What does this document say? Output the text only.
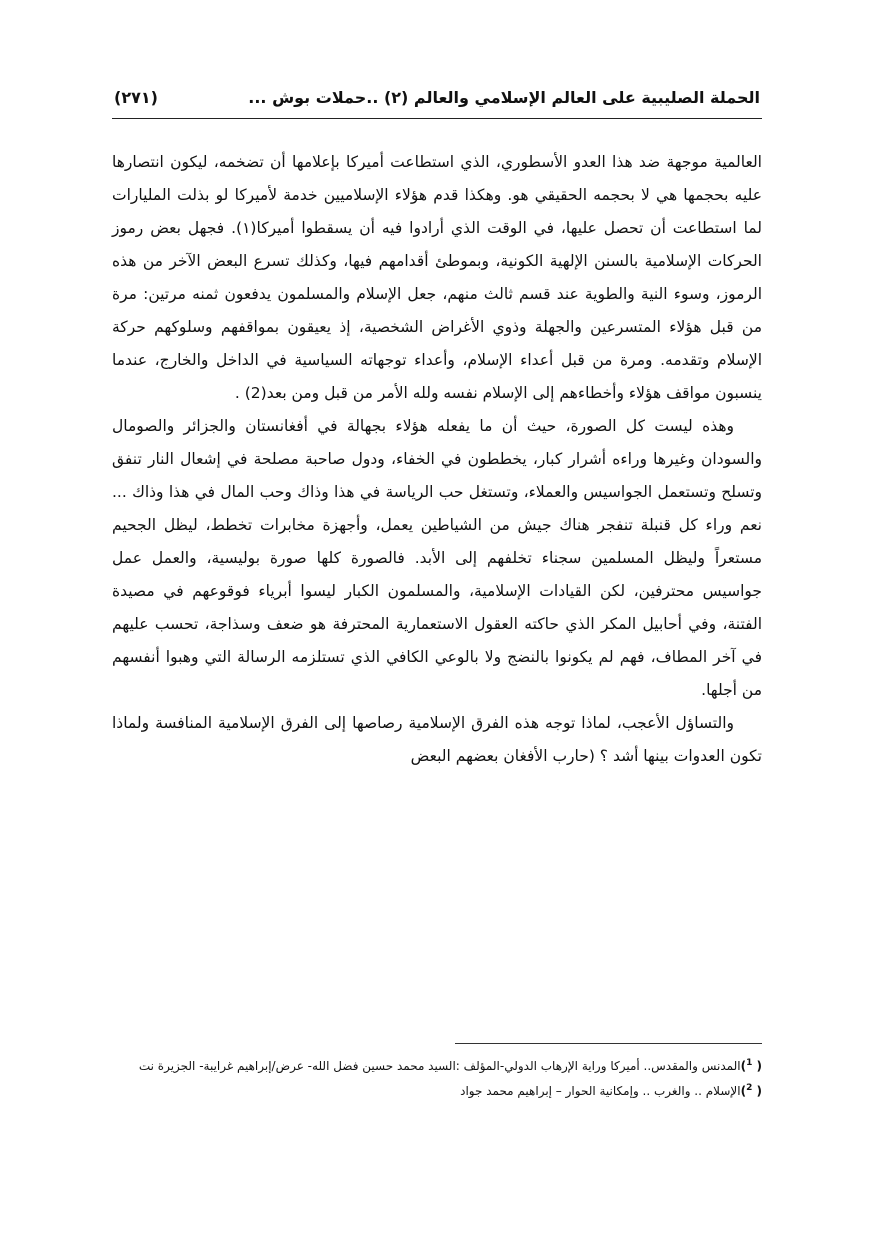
الحملة الصليبية على العالم الإسلامي والعالم (٢) ..حملات بوش ...
(٢٧١)

العالمية موجهة ضد هذا العدو الأسطوري، الذي استطاعت أميركا بإعلامها أن تضخمه، ليكون انتصارها عليه بحجمها هي لا بحجمه الحقيقي هو. وهكذا قدم هؤلاء الإسلاميين خدمة لأميركا لو بذلت المليارات لما استطاعت أن تحصل عليها، في الوقت الذي أرادوا فيه أن يسقطوا أميركا(١). فجهل بعض رموز الحركات الإسلامية بالسنن الإلهية الكونية، وبموطئ أقدامهم فيها، وكذلك تسرع البعض الآخر من هذه الرموز، وسوء النية والطوية عند قسم ثالث منهم، جعل الإسلام والمسلمون يدفعون ثمنه مرتين: مرة من قبل هؤلاء المتسرعين والجهلة وذوي الأغراض الشخصية، إذ يعيقون بمواقفهم وسلوكهم حركة الإسلام وتقدمه. ومرة من قبل أعداء الإسلام، وأعداء توجهاته السياسية في الداخل والخارج، عندما ينسبون مواقف هؤلاء وأخطاءهم إلى الإسلام نفسه ولله الأمر من قبل ومن بعد(2) .

وهذه ليست كل الصورة، حيث أن ما يفعله هؤلاء بجهالة في أفغانستان والجزائر والصومال والسودان وغيرها وراءه أشرار كبار، يخططون في الخفاء، ودول صاحبة مصلحة في إشعال النار تنفق وتسلح وتستعمل الجواسيس والعملاء، وتستغل حب الرياسة في هذا وذاك وحب المال في هذا وذاك ... نعم وراء كل قنبلة تنفجر هناك جيش من الشياطين يعمل، وأجهزة مخابرات تخطط، ليظل الجحيم مستعراً وليظل المسلمين سجناء تخلفهم إلى الأبد. فالصورة كلها صورة بوليسية، والعمل عمل جواسيس محترفين، لكن القيادات الإسلامية، والمسلمون الكبار ليسوا أبرياء فوقوعهم في مصيدة الفتنة، وفي أحابيل المكر الذي حاكته العقول الاستعمارية المحترفة هو ضعف وسذاجة، تحسب عليهم في آخر المطاف، فهم لم يكونوا بالنضج ولا بالوعي الكافي الذي تستلزمه الرسالة التي وهبوا أنفسهم من أجلها.

والتساؤل الأعجب، لماذا توجه هذه الفرق الإسلامية رصاصها إلى الفرق الإسلامية المنافسة ولماذا تكون العدوات بينها أشد ؟ (حارب الأفغان بعضهم البعض

( $^1$)المدنس والمقدس.. أميركا وراية الإرهاب الدولي-المؤلف :السيد محمد حسين فضل الله- عرض/إبراهيم غرايبة- الجزيرة نت

( $^2$)الإسلام .. والغرب .. وإمكانية الحوار – إبراهيم محمد جواد
